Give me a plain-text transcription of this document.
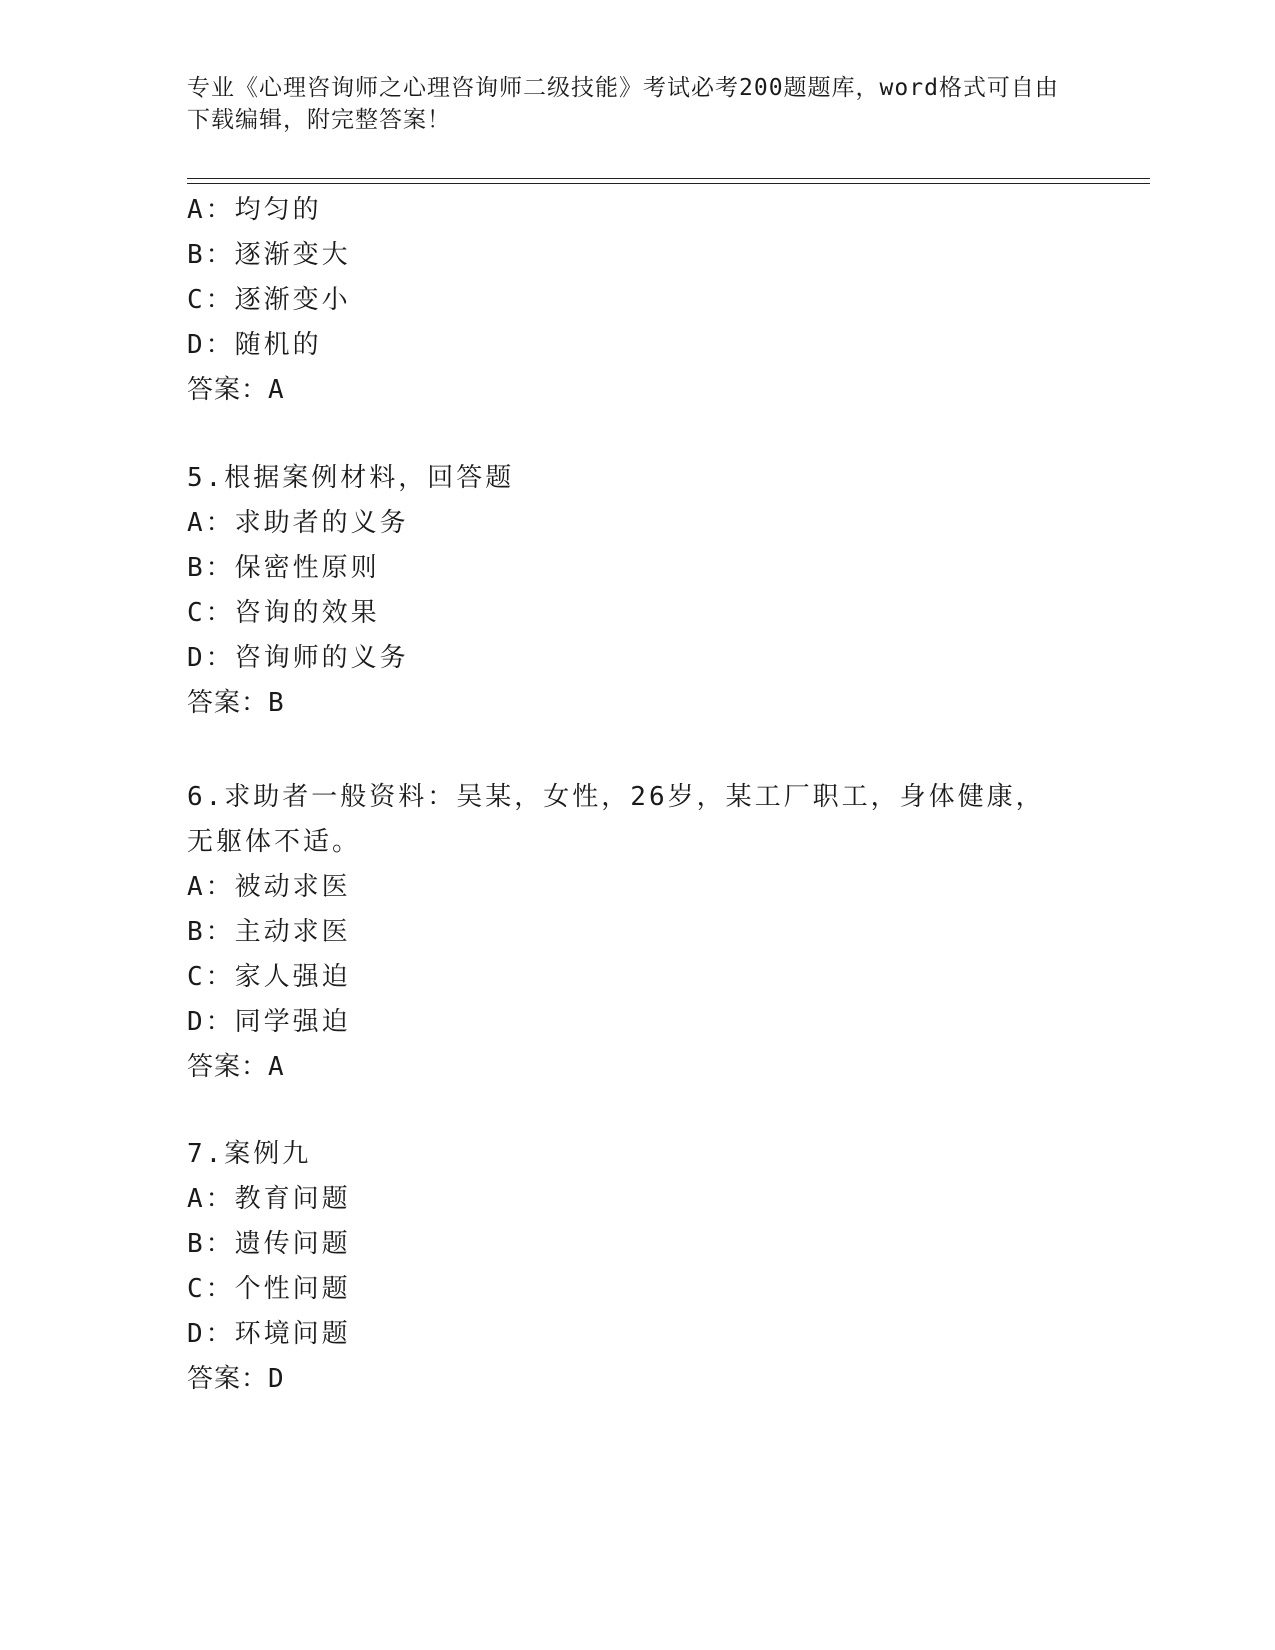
专业《心理咨询师之心理咨询师二级技能》考试必考200题题库，word格式可自由下载编辑，附完整答案！

A：均匀的

B：逐渐变大

C：逐渐变小

D：随机的

答案：A

5.根据案例材料，回答题

A：求助者的义务

B：保密性原则

C：咨询的效果

D：咨询师的义务

答案：B

6.求助者一般资料：吴某，女性，26岁，某工厂职工，身体健康，无躯体不适。

A：被动求医

B：主动求医

C：家人强迫

D：同学强迫

答案：A

7.案例九

A：教育问题

B：遗传问题

C：个性问题

D：环境问题

答案：D
